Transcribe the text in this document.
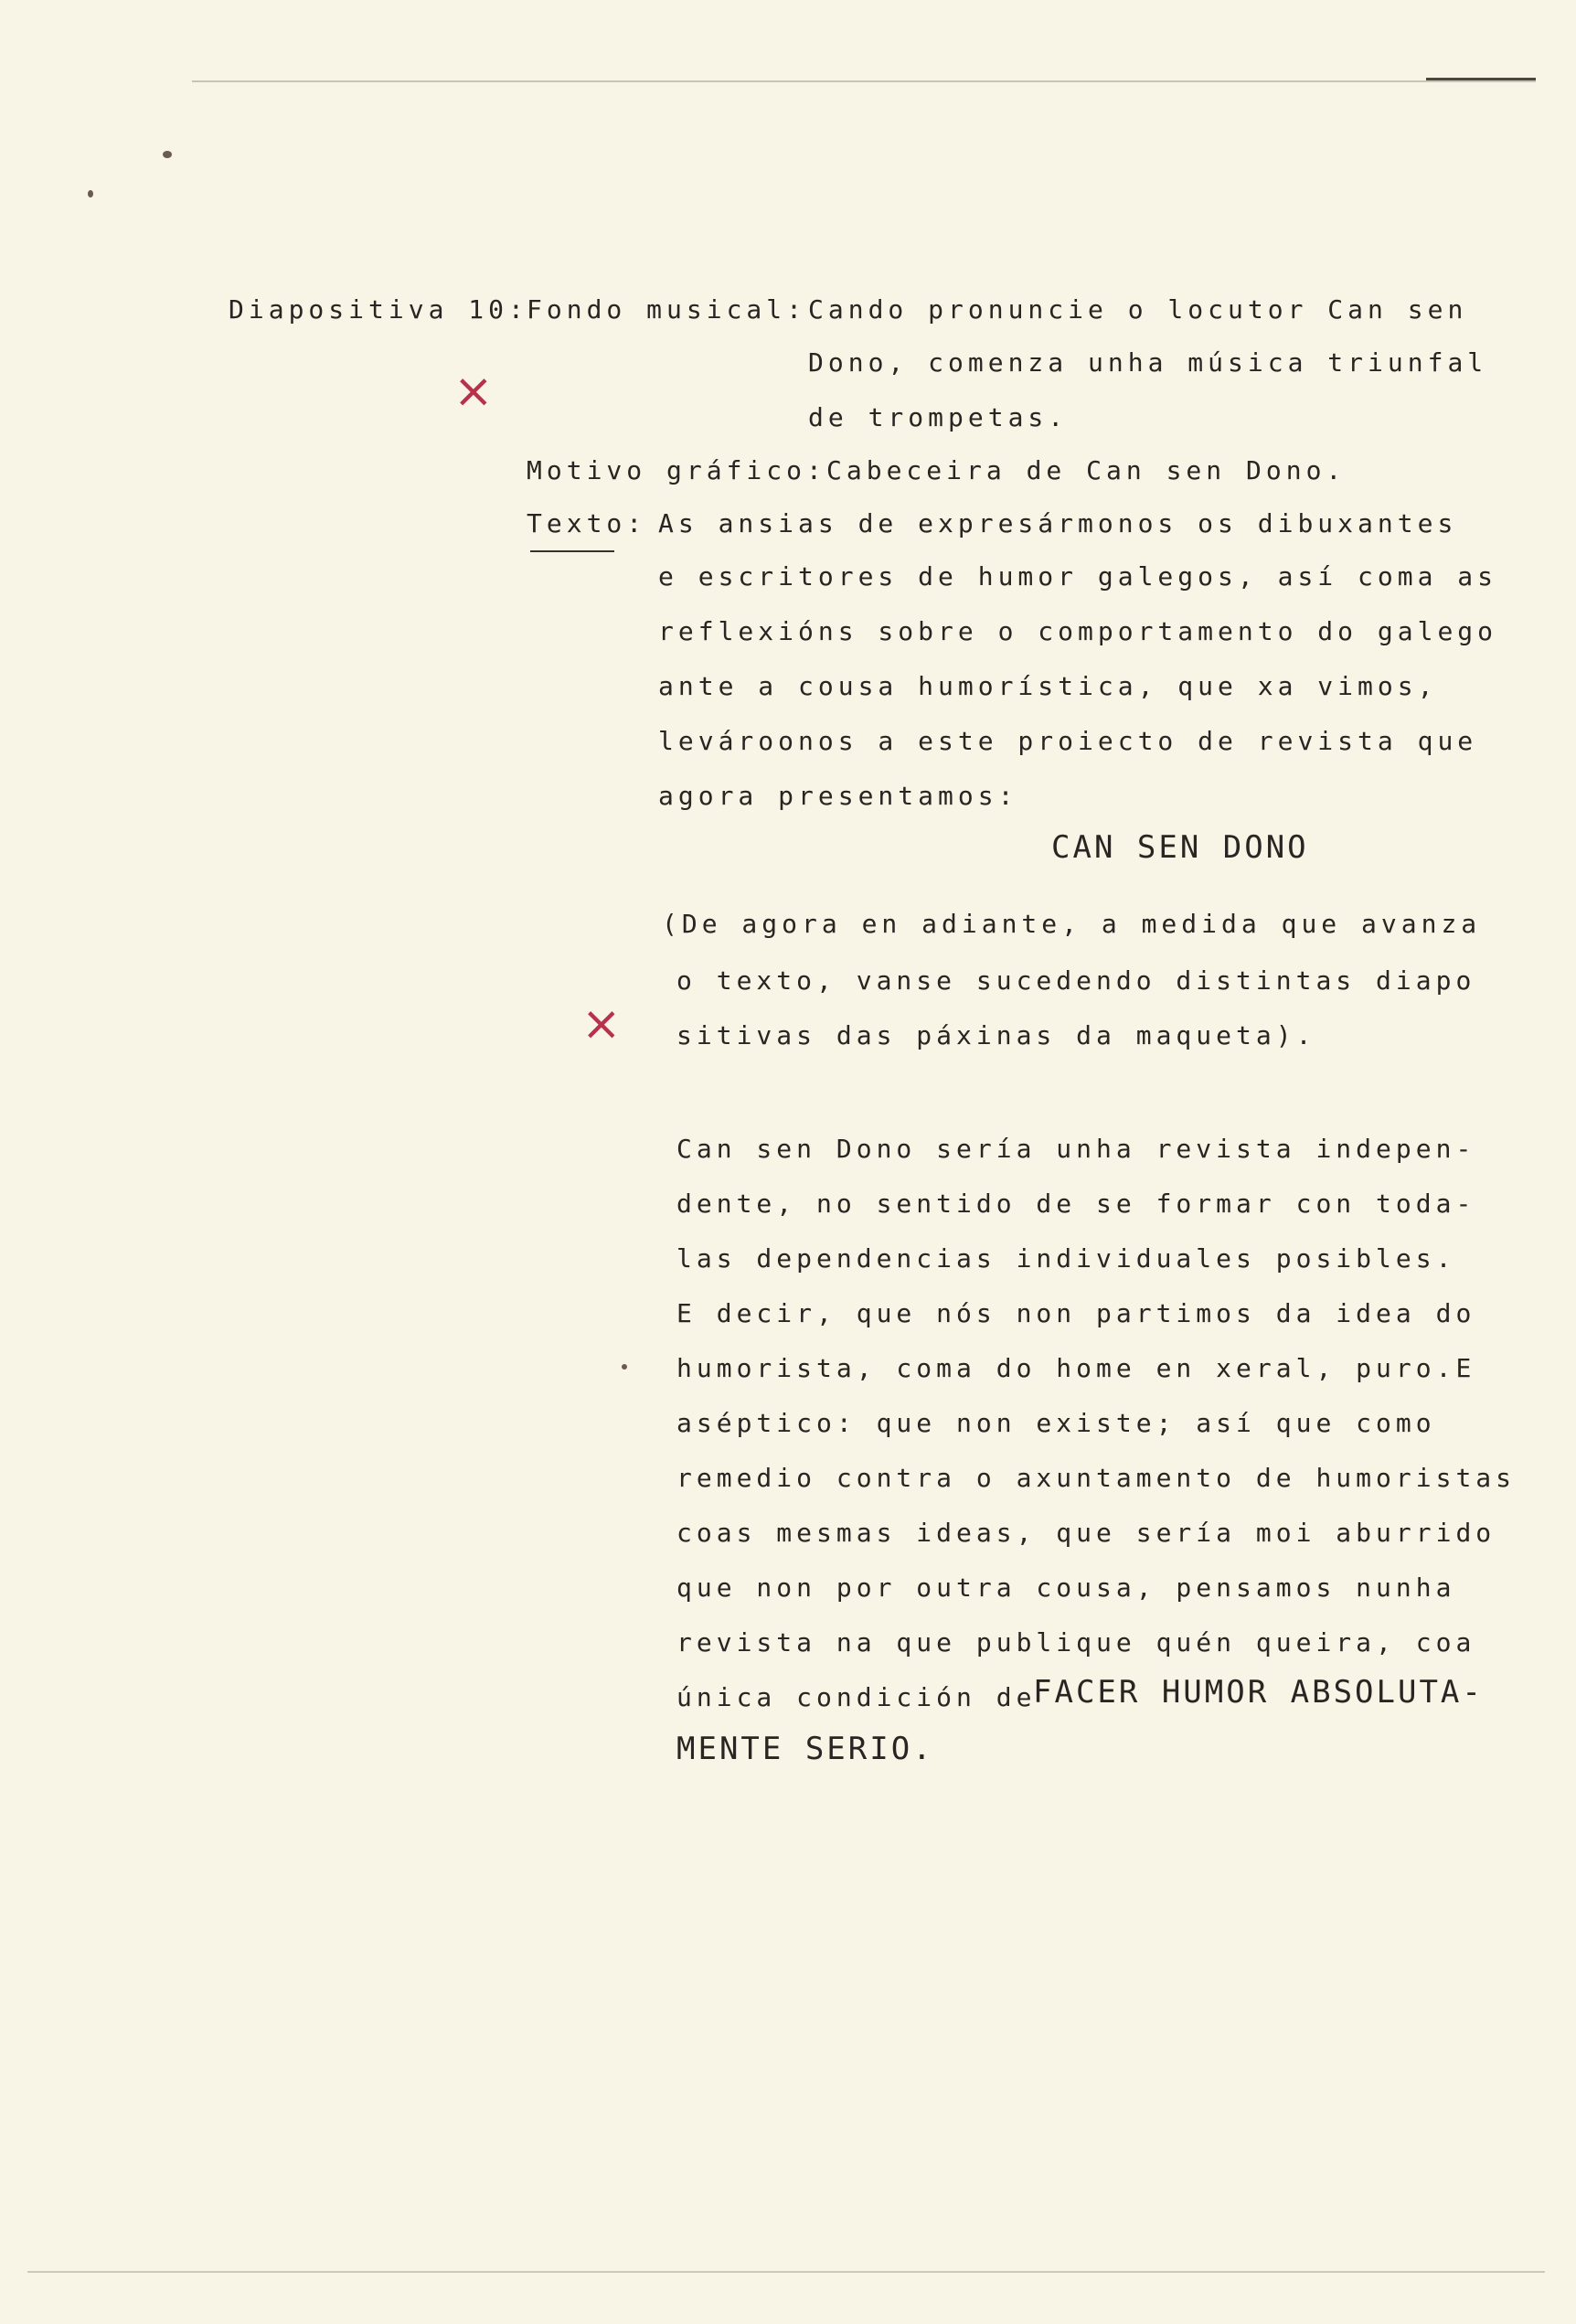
Diapositiva 10:
Fondo musical: Cando pronuncie o locutor Can sen
Dono, comenza unha música triunfal
de trompetas.
×
Motivo gráfico: Cabeceira de Can sen Dono.
Texto: As ansias de expresármonos os dibuxantes
e escritores de humor galegos, así coma as
reflexións sobre o comportamento do galego
ante a cousa humorística, que xa vimos,
levároonos a este proiecto de revista que
agora presentamos:
CAN SEN DONO
(De agora en adiante, a medida que avanza
o texto, vanse sucedendo distintas diapo
sitivas das páxinas da maqueta).
×
Can sen Dono sería unha revista indepen-
dente, no sentido de se formar con toda-
las dependencias individuales posibles.
E decir, que nós non partimos da idea do
humorista, coma do home en xeral, puro.E
aséptico: que non existe; así que como
remedio contra o axuntamento de humoristas
coas mesmas ideas, que sería moi aburrido
que non por outra cousa, pensamos nunha
revista na que publique quén queira, coa
única condición de
FACER HUMOR ABSOLUTA-
MENTE SERIO.
